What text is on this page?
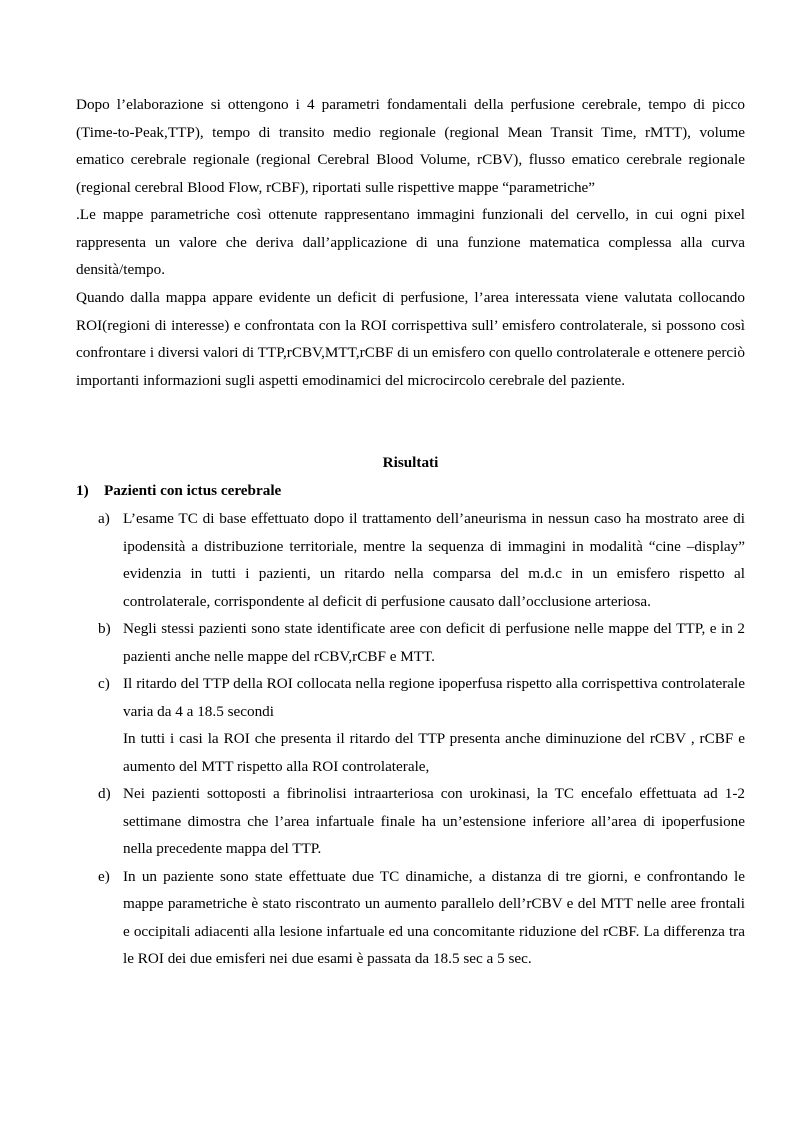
Dopo l’elaborazione si ottengono i 4 parametri fondamentali della perfusione cerebrale, tempo di picco (Time-to-Peak,TTP), tempo di transito medio regionale (regional Mean Transit Time, rMTT), volume ematico cerebrale regionale (regional Cerebral Blood Volume, rCBV), flusso ematico cerebrale regionale (regional cerebral Blood Flow, rCBF), riportati sulle rispettive mappe “parametriche”

.Le mappe parametriche così ottenute rappresentano immagini funzionali del cervello, in cui ogni pixel rappresenta un valore che deriva dall’applicazione di una funzione matematica complessa alla curva densità/tempo.

Quando dalla mappa appare evidente un deficit di perfusione, l’area interessata viene valutata collocando ROI(regioni di interesse) e confrontata con la ROI corrispettiva sull’ emisfero controlaterale, si possono così confrontare i diversi valori di TTP,rCBV,MTT,rCBF di un emisfero con quello controlaterale e ottenere perciò importanti informazioni sugli aspetti emodinamici del microcircolo cerebrale del paziente.

Risultati

1) Pazienti con ictus cerebrale

a) L’esame TC di base effettuato dopo il trattamento dell’aneurisma in nessun caso ha mostrato aree di ipodensità a distribuzione territoriale, mentre la sequenza di immagini in modalità “cine –display” evidenzia in tutti i pazienti, un ritardo nella comparsa del m.d.c in un emisfero rispetto al controlaterale, corrispondente al deficit di perfusione causato dall’occlusione arteriosa.
b) Negli stessi pazienti sono state identificate aree con deficit di perfusione nelle mappe del TTP, e in 2 pazienti anche nelle mappe del rCBV,rCBF e MTT.
c) Il ritardo del TTP della ROI collocata nella regione ipoperfusa rispetto alla corrispettiva controlaterale varia da 4 a 18.5 secondi
In tutti i casi la ROI che presenta il ritardo del TTP presenta anche diminuzione del rCBV , rCBF e aumento del MTT rispetto alla ROI controlaterale,
d) Nei pazienti sottoposti a fibrinolisi intraarteriosa con urokinasi, la TC encefalo effettuata ad 1-2 settimane dimostra che l’area infartuale finale ha un’estensione inferiore all’area di ipoperfusione nella precedente mappa del TTP.
e) In un paziente sono state effettuate due TC dinamiche, a distanza di tre giorni, e confrontando le mappe parametriche è stato riscontrato un aumento parallelo dell’rCBV e del MTT nelle aree frontali e occipitali adiacenti alla lesione infartuale ed una concomitante riduzione del rCBF. La differenza tra le ROI dei due emisferi nei due esami è passata da 18.5 sec a 5 sec.
